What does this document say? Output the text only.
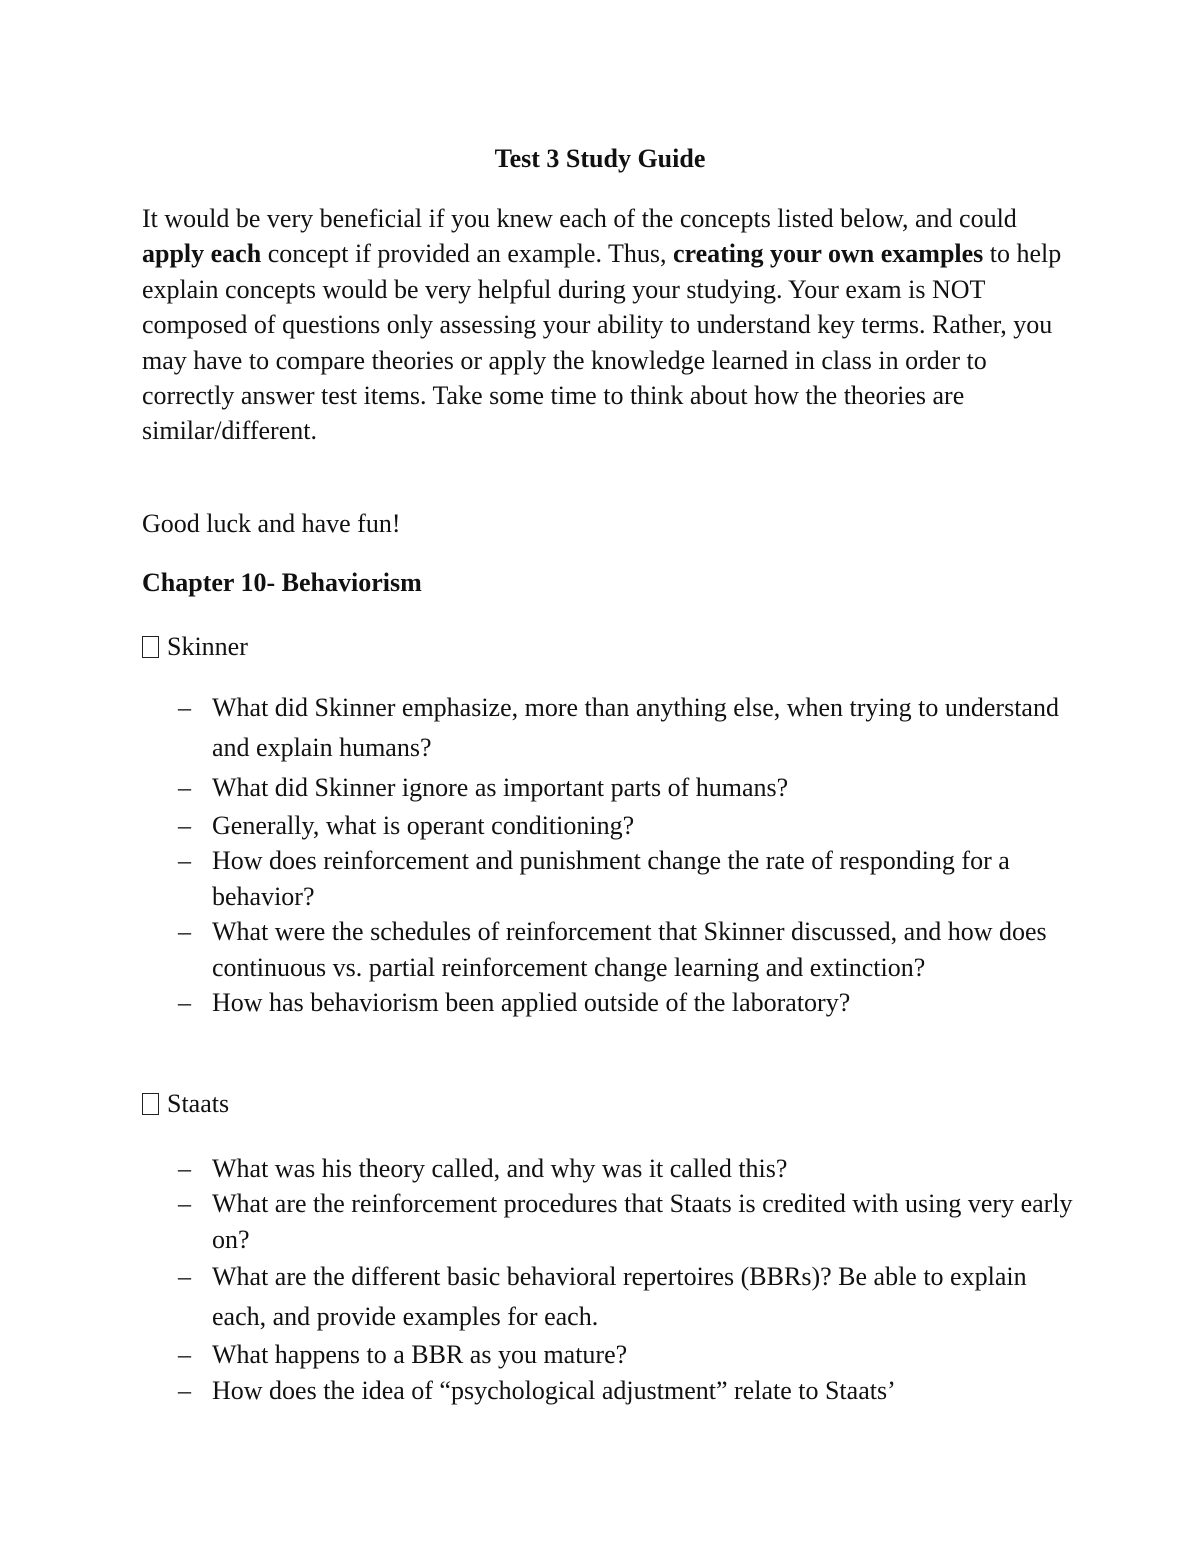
Test 3 Study Guide

It would be very beneficial if you knew each of the concepts listed below, and could apply each concept if provided an example. Thus, creating your own examples to help explain concepts would be very helpful during your studying. Your exam is NOT composed of questions only assessing your ability to understand key terms. Rather, you may have to compare theories or apply the knowledge learned in class in order to correctly answer test items. Take some time to think about how the theories are similar/different.

Good luck and have fun!

Chapter 10- Behaviorism

Skinner

– What did Skinner emphasize, more than anything else, when trying to understand and explain humans?
– What did Skinner ignore as important parts of humans?
– Generally, what is operant conditioning?
– How does reinforcement and punishment change the rate of responding for a behavior?
– What were the schedules of reinforcement that Skinner discussed, and how does continuous vs. partial reinforcement change learning and extinction?
– How has behaviorism been applied outside of the laboratory?

Staats

– What was his theory called, and why was it called this?
– What are the reinforcement procedures that Staats is credited with using very early on?
– What are the different basic behavioral repertoires (BBRs)? Be able to explain each, and provide examples for each.
– What happens to a BBR as you mature?
– How does the idea of “psychological adjustment” relate to Staats’
